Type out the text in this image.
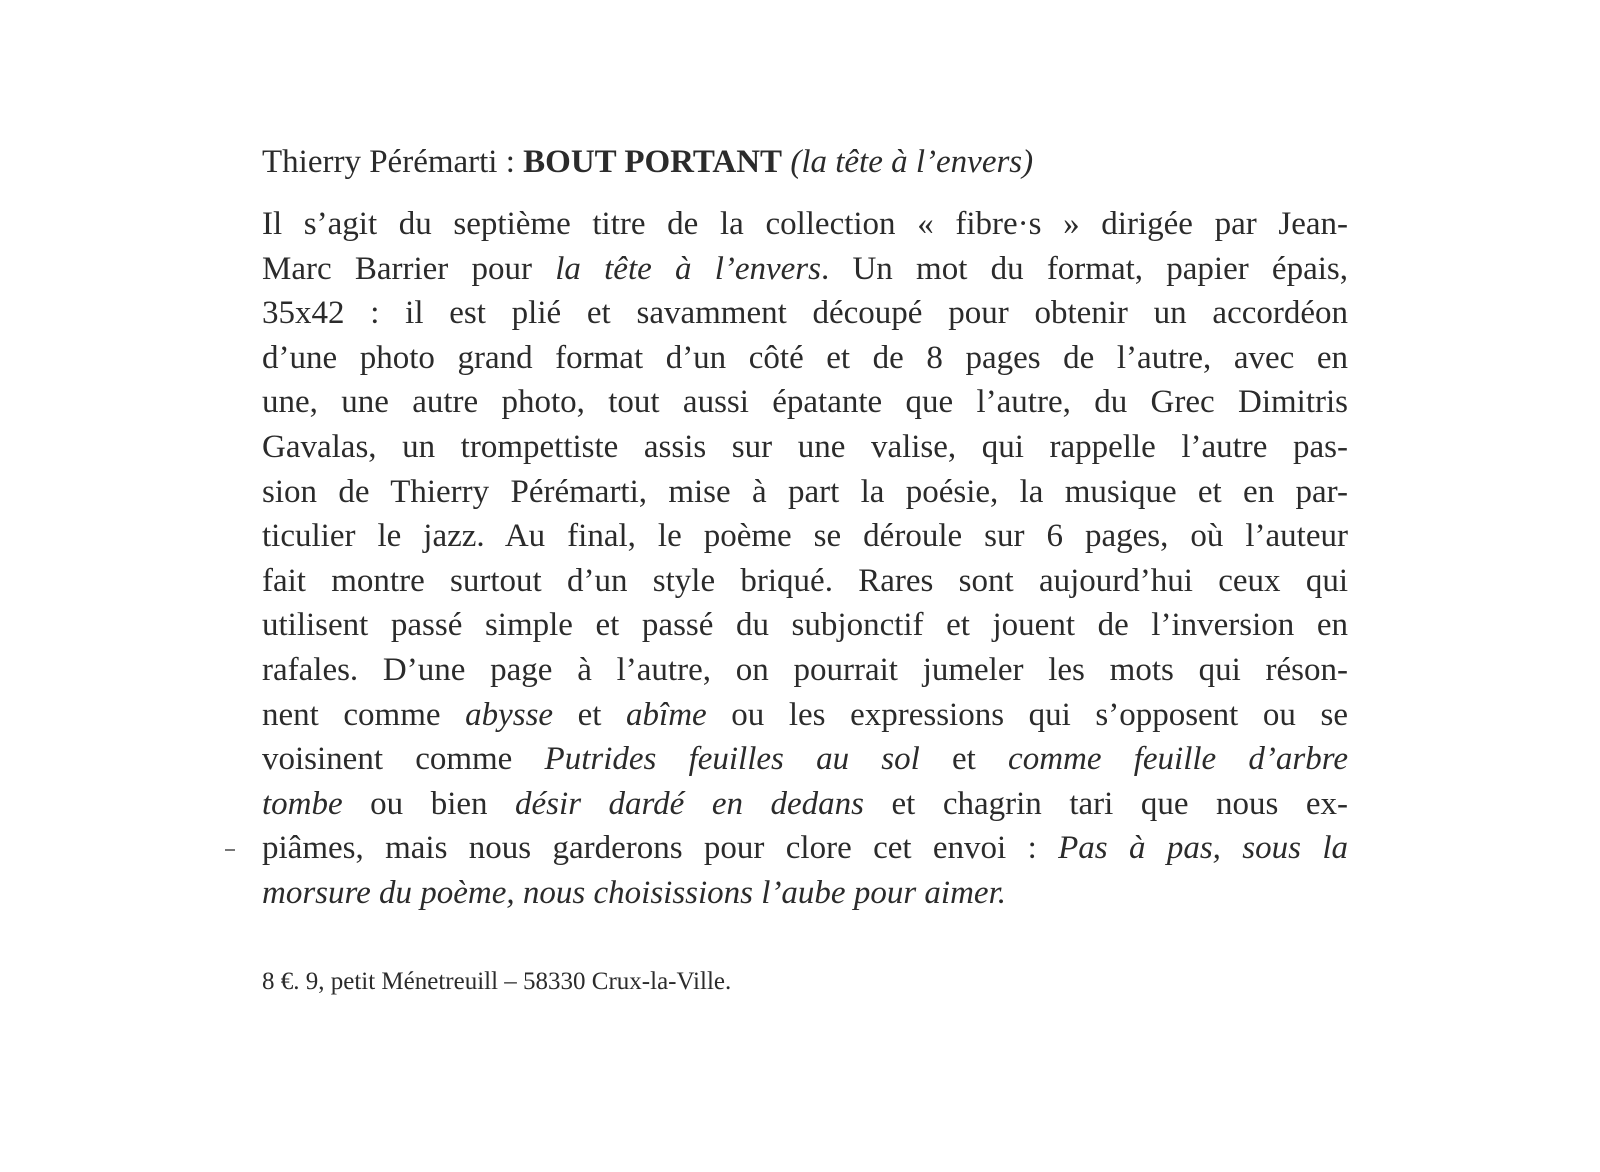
Thierry Pérémarti : BOUT PORTANT (la tête à l’envers)
Il s’agit du septième titre de la collection « fibre·s » dirigée par Jean-
Marc Barrier pour la tête à l’envers. Un mot du format, papier épais,
35x42 : il est plié et savamment découpé pour obtenir un accordéon
d’une photo grand format d’un côté et de 8 pages de l’autre, avec en
une, une autre photo, tout aussi épatante que l’autre, du Grec Dimitris
Gavalas, un trompettiste assis sur une valise, qui rappelle l’autre pas-
sion de Thierry Pérémarti, mise à part la poésie, la musique et en par-
ticulier le jazz. Au final, le poème se déroule sur 6 pages, où l’auteur
fait montre surtout d’un style briqué. Rares sont aujourd’hui ceux qui
utilisent passé simple et passé du subjonctif et jouent de l’inversion en
rafales. D’une page à l’autre, on pourrait jumeler les mots qui réson-
nent comme abysse et abîme ou les expressions qui s’opposent ou se
voisinent comme Putrides feuilles au sol et comme feuille d’arbre
tombe ou bien désir dardé en dedans et chagrin tari que nous ex-
piâmes, mais nous garderons pour clore cet envoi : Pas à pas, sous la
morsure du poème, nous choisissions l’aube pour aimer.
8 €. 9, petit Ménetreuill – 58330 Crux-la-Ville.
